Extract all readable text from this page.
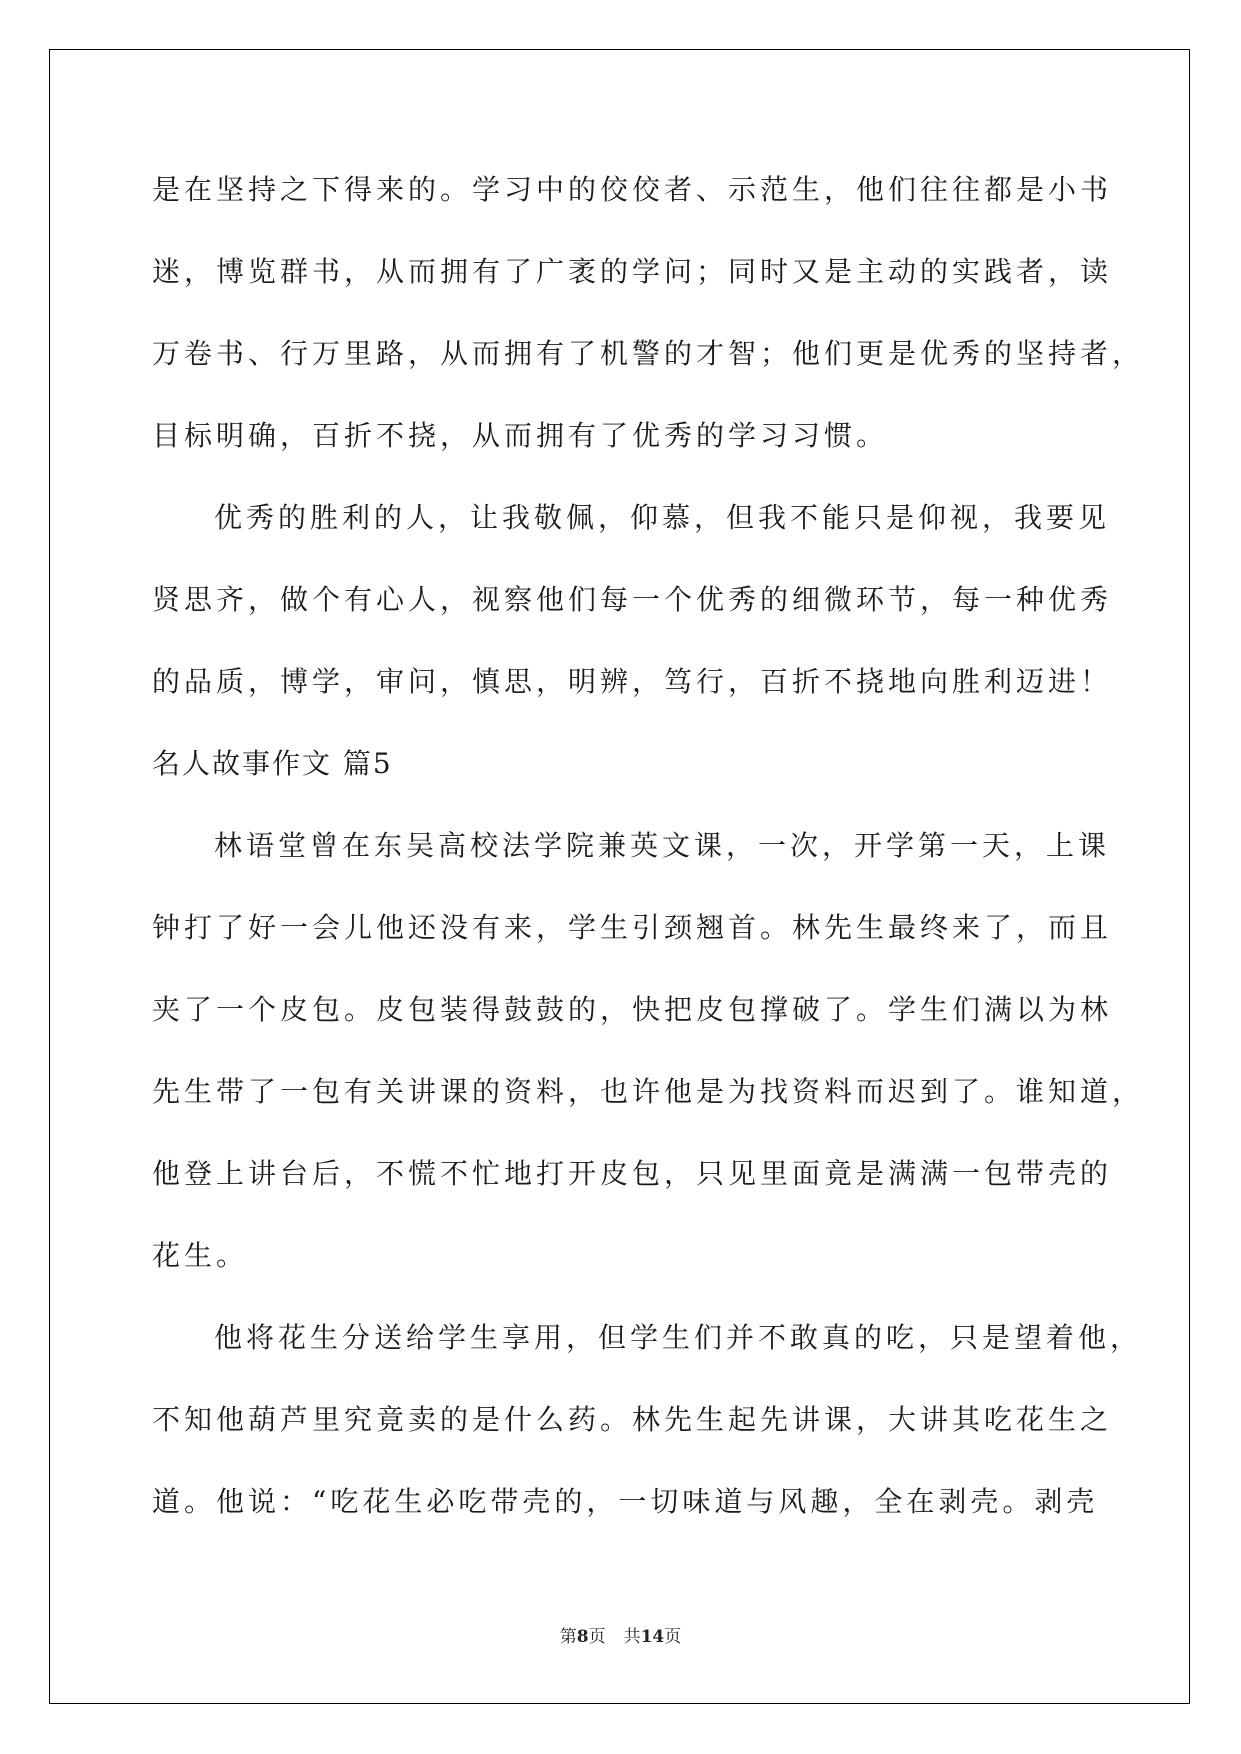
是在坚持之下得来的。学习中的佼佼者、示范生，他们往往都是小书
迷，博览群书，从而拥有了广袤的学问；同时又是主动的实践者，读
万卷书、行万里路，从而拥有了机警的才智；他们更是优秀的坚持者，
目标明确，百折不挠，从而拥有了优秀的学习习惯。
优秀的胜利的人，让我敬佩，仰慕，但我不能只是仰视，我要见
贤思齐，做个有心人，视察他们每一个优秀的细微环节，每一种优秀
的品质，博学，审问，慎思，明辨，笃行，百折不挠地向胜利迈进！
名人故事作文 篇5
林语堂曾在东吴高校法学院兼英文课，一次，开学第一天，上课
钟打了好一会儿他还没有来，学生引颈翘首。林先生最终来了，而且
夹了一个皮包。皮包装得鼓鼓的，快把皮包撑破了。学生们满以为林
先生带了一包有关讲课的资料，也许他是为找资料而迟到了。谁知道，
他登上讲台后，不慌不忙地打开皮包，只见里面竟是满满一包带壳的
花生。
他将花生分送给学生享用，但学生们并不敢真的吃，只是望着他，
不知他葫芦里究竟卖的是什么药。林先生起先讲课，大讲其吃花生之
道。他说：“吃花生必吃带壳的，一切味道与风趣，全在剥壳。剥壳
第8页 共14页
